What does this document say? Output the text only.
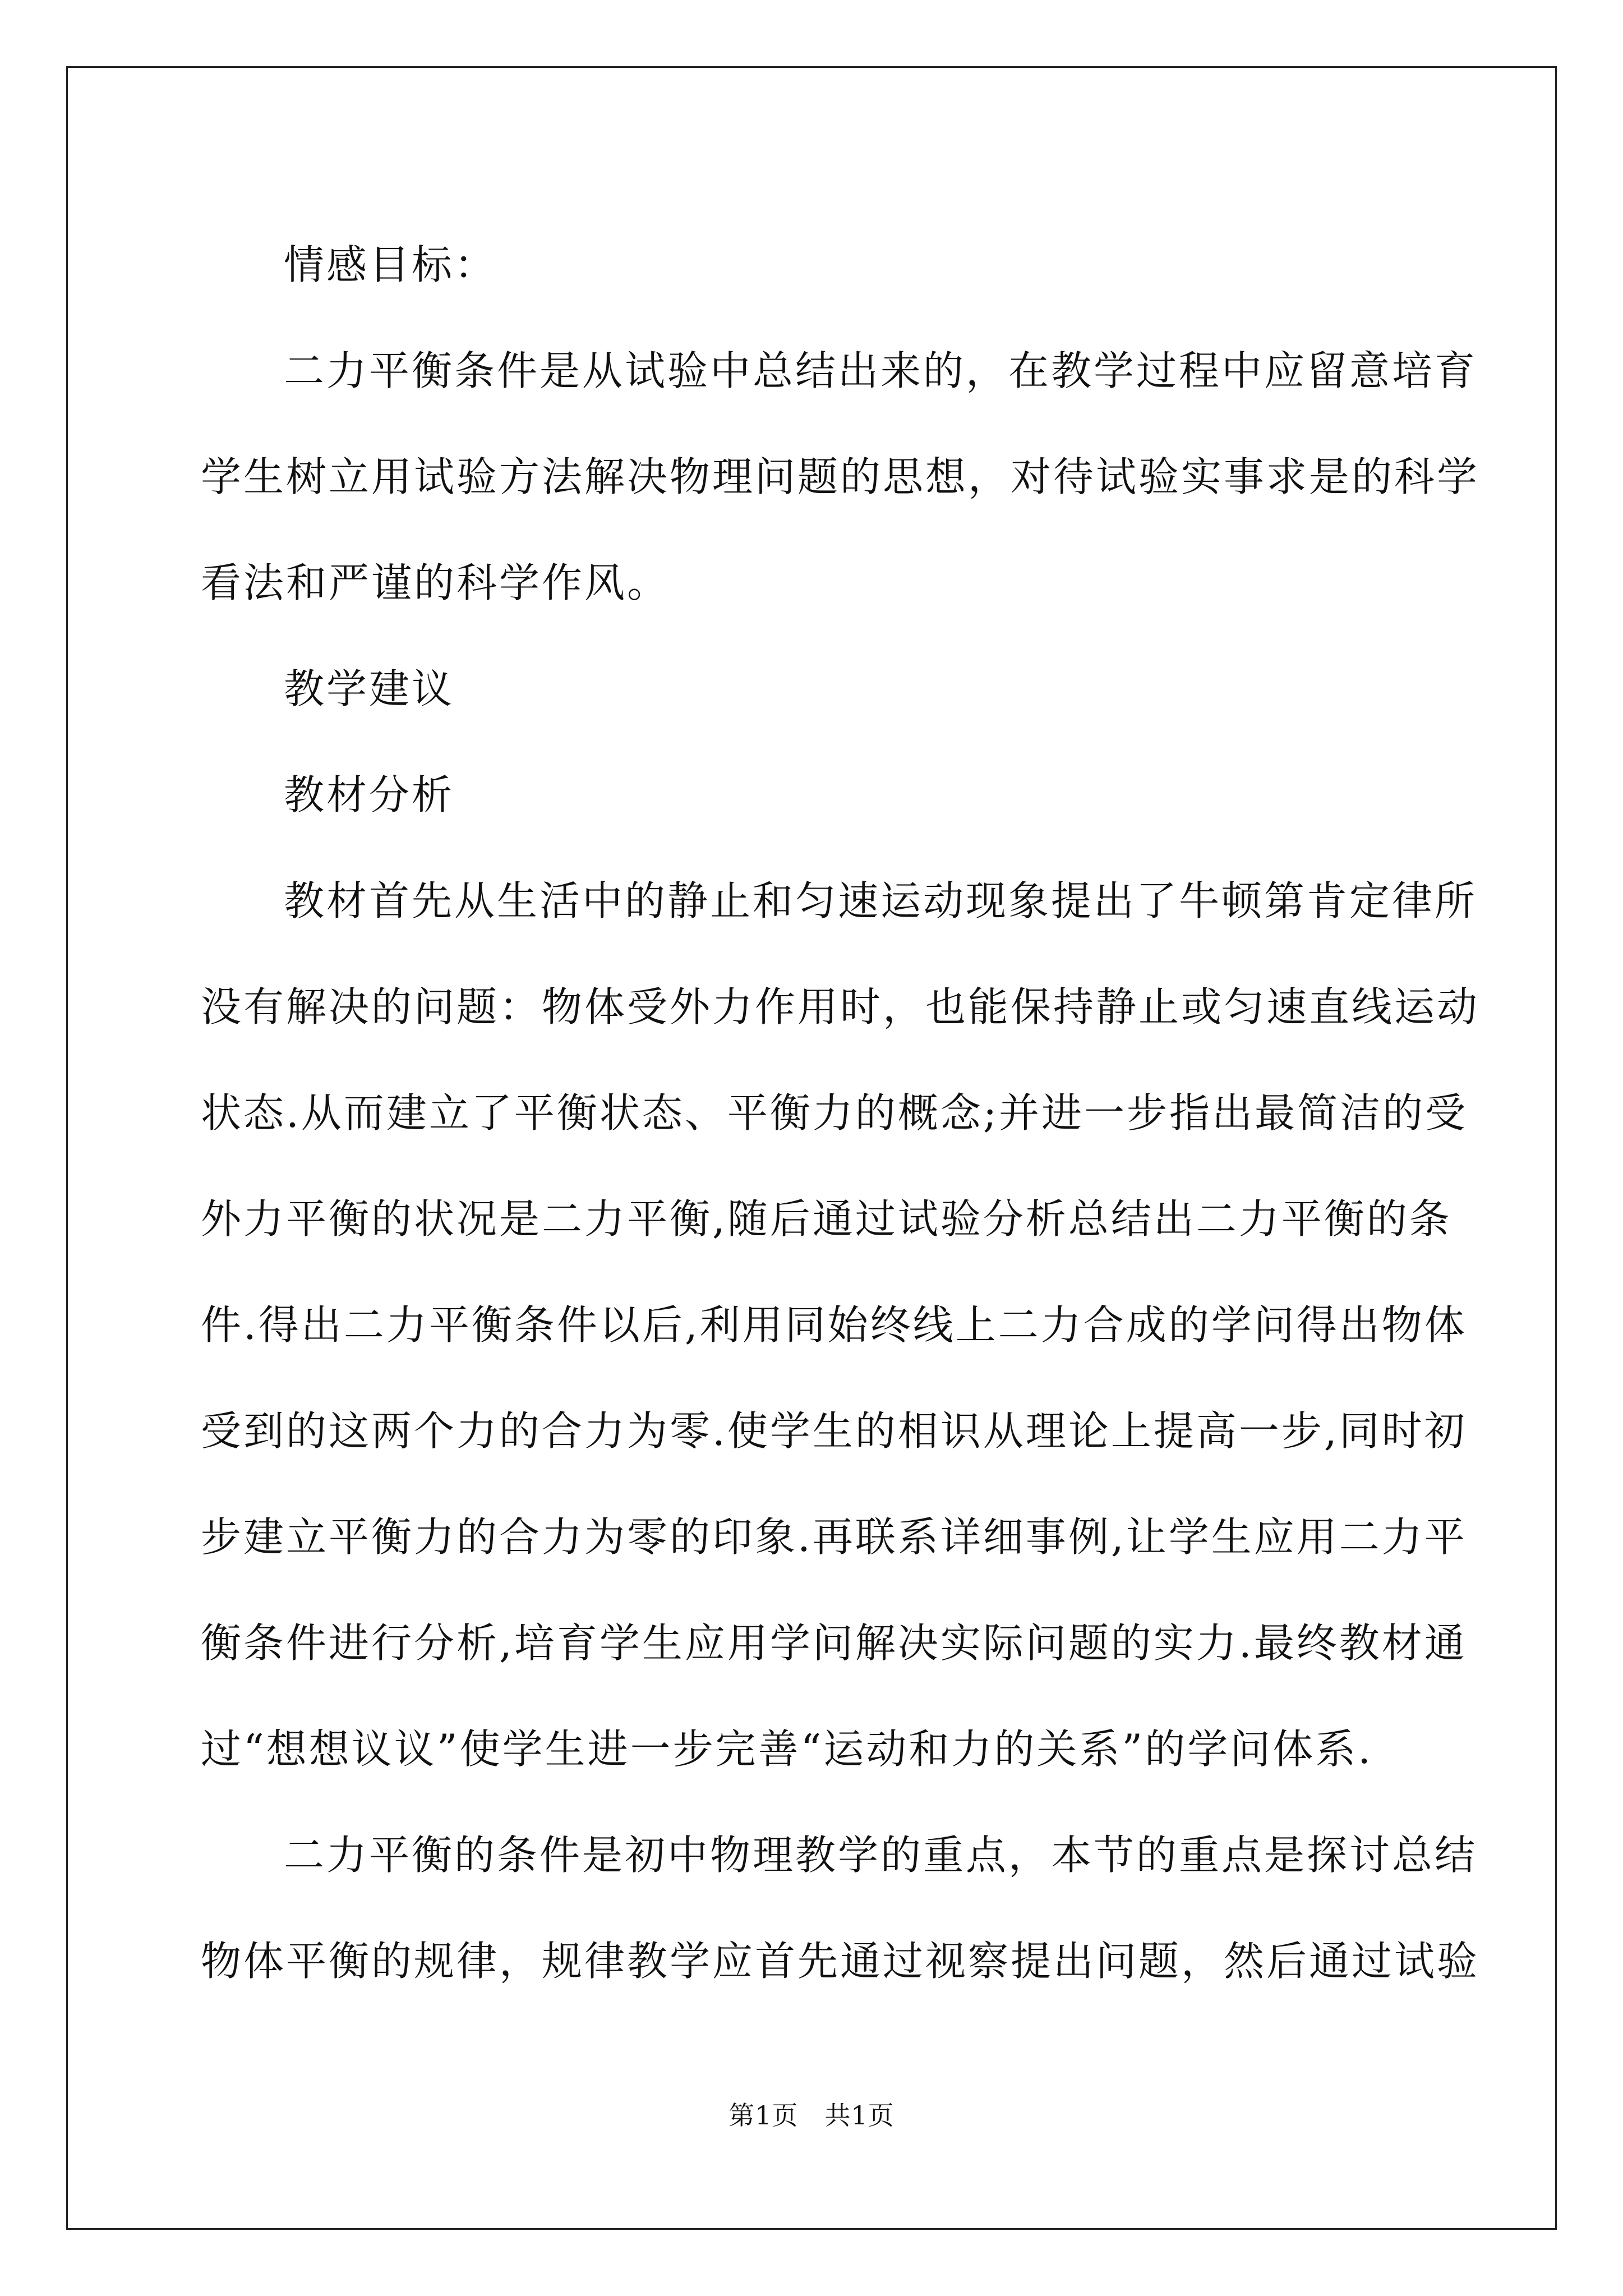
情感目标：

二力平衡条件是从试验中总结出来的，在教学过程中应留意培育
学生树立用试验方法解决物理问题的思想，对待试验实事求是的科学
看法和严谨的科学作风。

教学建议

教材分析

教材首先从生活中的静止和匀速运动现象提出了牛顿第肯定律所
没有解决的问题：物体受外力作用时，也能保持静止或匀速直线运动
状态.从而建立了平衡状态、平衡力的概念;并进一步指出最简洁的受
外力平衡的状况是二力平衡,随后通过试验分析总结出二力平衡的条
件.得出二力平衡条件以后,利用同始终线上二力合成的学问得出物体
受到的这两个力的合力为零.使学生的相识从理论上提高一步,同时初
步建立平衡力的合力为零的印象.再联系详细事例,让学生应用二力平
衡条件进行分析,培育学生应用学问解决实际问题的实力.最终教材通
过“想想议议”使学生进一步完善“运动和力的关系”的学问体系.

二力平衡的条件是初中物理教学的重点，本节的重点是探讨总结
物体平衡的规律，规律教学应首先通过视察提出问题，然后通过试验

第1页　共1页
